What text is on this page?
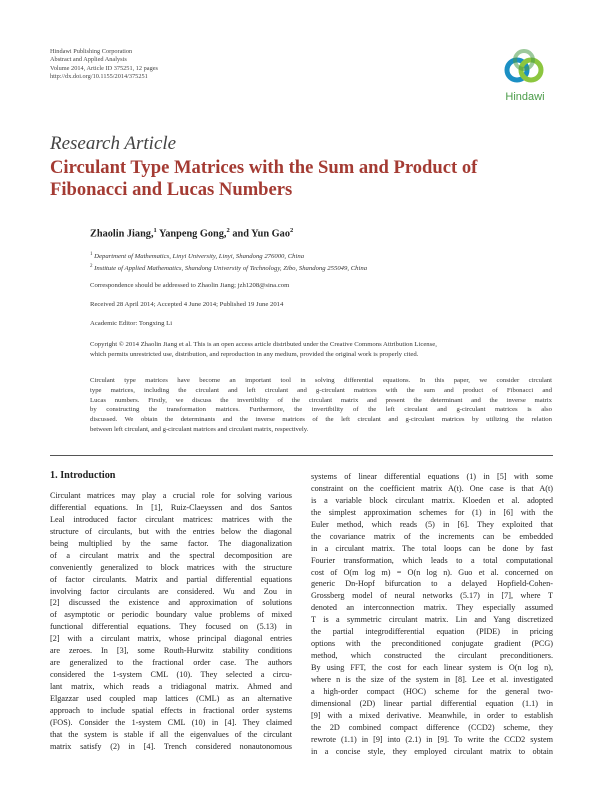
Hindawi Publishing Corporation
Abstract and Applied Analysis
Volume 2014, Article ID 375251, 12 pages
http://dx.doi.org/10.1155/2014/375251
Hindawi
Research Article
Circulant Type Matrices with the Sum and Product of
Fibonacci and Lucas Numbers
Zhaolin Jiang,$^1$ Yanpeng Gong,$^2$ and Yun Gao$^2$
$^1$ Department of Mathematics, Linyi University, Linyi, Shandong 276000, China
$^2$ Institute of Applied Mathematics, Shandong University of Technology, Zibo, Shandong 255049, China
Correspondence should be addressed to Zhaolin Jiang; jzh1208@sina.com
Received 28 April 2014; Accepted 4 June 2014; Published 19 June 2014
Academic Editor: Tongxing Li
Copyright © 2014 Zhaolin Jiang et al. This is an open access article distributed under the Creative Commons Attribution License,
which permits unrestricted use, distribution, and reproduction in any medium, provided the original work is properly cited.
Circulant type matrices have become an important tool in solving differential equations. In this paper, we consider circulant
type matrices, including the circulant and left circulant and g-circulant matrices with the sum and product of Fibonacci and
Lucas numbers. Firstly, we discuss the invertibility of the circulant matrix and present the determinant and the inverse matrix
by constructing the transformation matrices. Furthermore, the invertibility of the left circulant and g-circulant matrices is also
discussed. We obtain the determinants and the inverse matrices of the left circulant and g-circulant matrices by utilizing the relation
between left circulant, and g-circulant matrices and circulant matrix, respectively.
1. Introduction
Circulant matrices may play a crucial role for solving various
differential equations. In [1], Ruiz-Claeyssen and dos Santos
Leal introduced factor circulant matrices: matrices with the
structure of circulants, but with the entries below the diagonal
being multiplied by the same factor. The diagonalization
of a circulant matrix and the spectral decomposition are
conveniently generalized to block matrices with the structure
of factor circulants. Matrix and partial differential equations
involving factor circulants are considered. Wu and Zou in
[2] discussed the existence and approximation of solutions
of asymptotic or periodic boundary value problems of mixed
functional differential equations. They focused on (5.13) in
[2] with a circulant matrix, whose principal diagonal entries
are zeroes. In [3], some Routh-Hurwitz stability conditions
are generalized to the fractional order case. The authors
considered the 1-system CML (10). They selected a circu-
lant matrix, which reads a tridiagonal matrix. Ahmed and
Elgazzar used coupled map lattices (CML) as an alternative
approach to include spatial effects in fractional order systems
(FOS). Consider the 1-system CML (10) in [4]. They claimed
that the system is stable if all the eigenvalues of the circulant
matrix satisfy (2) in [4]. Trench considered nonautonomous
systems of linear differential equations (1) in [5] with some
constraint on the coefficient matrix A(t). One case is that A(t)
is a variable block circulant matrix. Kloeden et al. adopted
the simplest approximation schemes for (1) in [6] with the
Euler method, which reads (5) in [6]. They exploited that
the covariance matrix of the increments can be embedded
in a circulant matrix. The total loops can be done by fast
Fourier transformation, which leads to a total computational
cost of O(m log m) = O(n log n). Guo et al. concerned on
generic Dn-Hopf bifurcation to a delayed Hopfield-Cohen-
Grossberg model of neural networks (5.17) in [7], where T
denoted an interconnection matrix. They especially assumed
T is a symmetric circulant matrix. Lin and Yang discretized
the partial integrodifferential equation (PIDE) in pricing
options with the preconditioned conjugate gradient (PCG)
method, which constructed the circulant preconditioners.
By using FFT, the cost for each linear system is O(n log n),
where n is the size of the system in [8]. Lee et al. investigated
a high-order compact (HOC) scheme for the general two-
dimensional (2D) linear partial differential equation (1.1) in
[9] with a mixed derivative. Meanwhile, in order to establish
the 2D combined compact difference (CCD2) scheme, they
rewrote (1.1) in [9] into (2.1) in [9]. To write the CCD2 system
in a concise style, they employed circulant matrix to obtain
